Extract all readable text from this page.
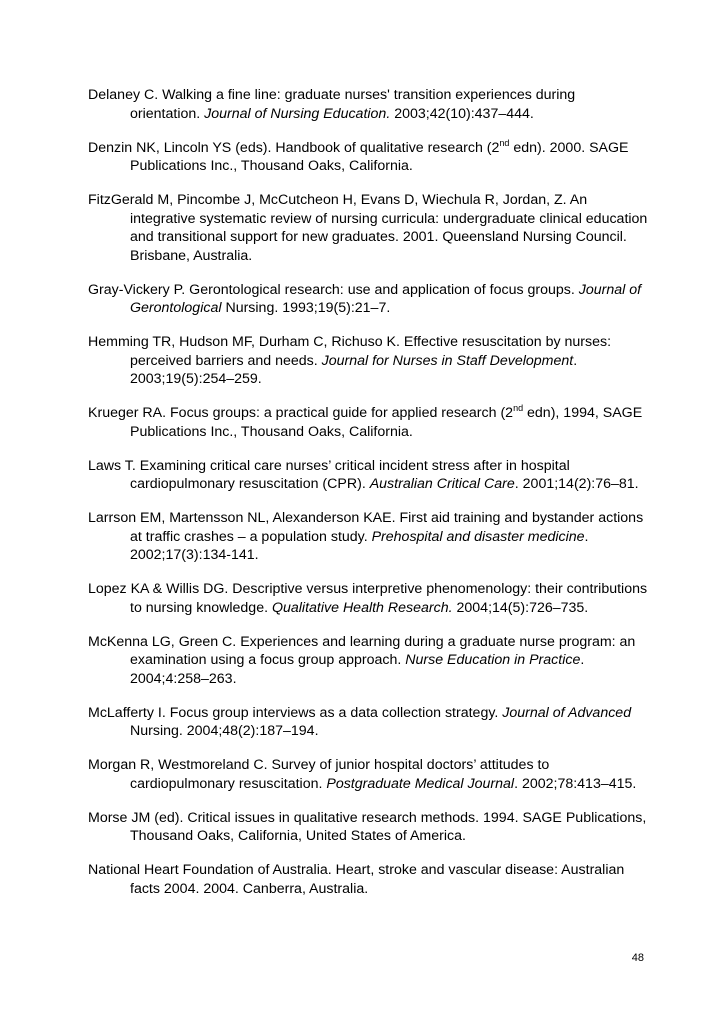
Delaney C. Walking a fine line: graduate nurses' transition experiences during orientation. Journal of Nursing Education. 2003;42(10):437–444.
Denzin NK, Lincoln YS (eds). Handbook of qualitative research (2nd edn). 2000. SAGE Publications Inc., Thousand Oaks, California.
FitzGerald M, Pincombe J, McCutcheon H, Evans D, Wiechula R, Jordan, Z. An integrative systematic review of nursing curricula: undergraduate clinical education and transitional support for new graduates. 2001. Queensland Nursing Council. Brisbane, Australia.
Gray-Vickery P. Gerontological research: use and application of focus groups. Journal of Gerontological Nursing. 1993;19(5):21–7.
Hemming TR, Hudson MF, Durham C, Richuso K. Effective resuscitation by nurses: perceived barriers and needs. Journal for Nurses in Staff Development. 2003;19(5):254–259.
Krueger RA. Focus groups: a practical guide for applied research (2nd edn), 1994, SAGE Publications Inc., Thousand Oaks, California.
Laws T. Examining critical care nurses’ critical incident stress after in hospital cardiopulmonary resuscitation (CPR). Australian Critical Care. 2001;14(2):76–81.
Larrson EM, Martensson NL, Alexanderson KAE. First aid training and bystander actions at traffic crashes – a population study. Prehospital and disaster medicine. 2002;17(3):134-141.
Lopez KA & Willis DG. Descriptive versus interpretive phenomenology: their contributions to nursing knowledge. Qualitative Health Research. 2004;14(5):726–735.
McKenna LG, Green C. Experiences and learning during a graduate nurse program: an examination using a focus group approach. Nurse Education in Practice. 2004;4:258–263.
McLafferty I. Focus group interviews as a data collection strategy. Journal of Advanced Nursing. 2004;48(2):187–194.
Morgan R, Westmoreland C. Survey of junior hospital doctors’ attitudes to cardiopulmonary resuscitation. Postgraduate Medical Journal. 2002;78:413–415.
Morse JM (ed). Critical issues in qualitative research methods. 1994. SAGE Publications, Thousand Oaks, California, United States of America.
National Heart Foundation of Australia. Heart, stroke and vascular disease: Australian facts 2004. 2004. Canberra, Australia.
48
